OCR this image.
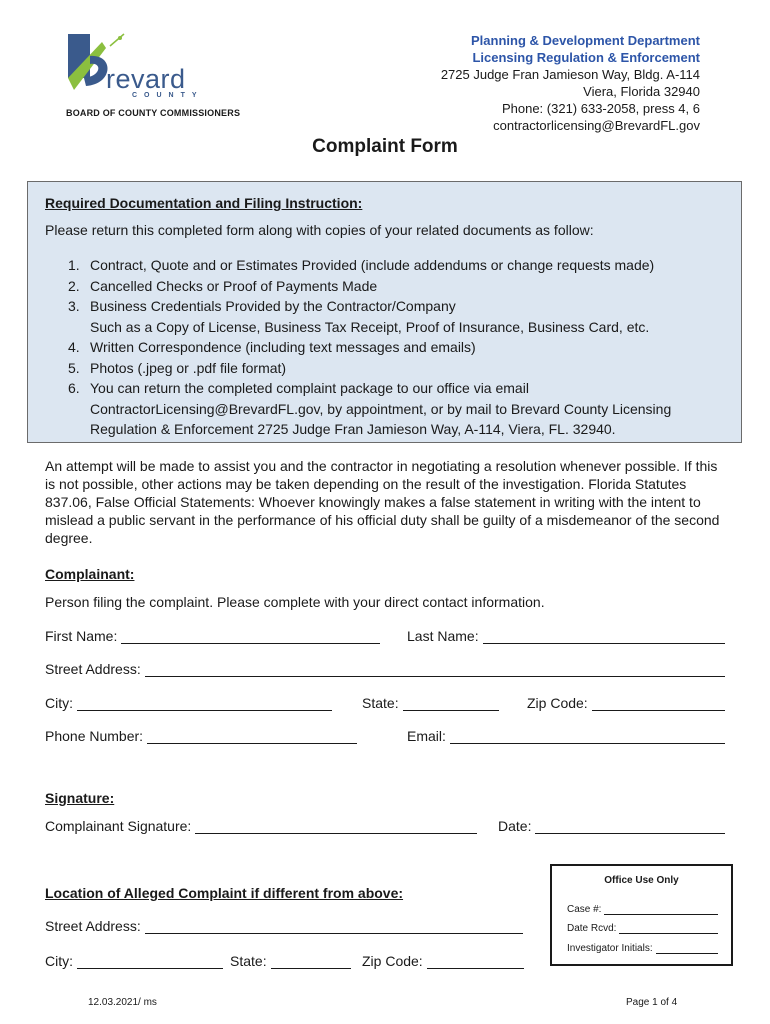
revard
COUNTY
BOARD OF COUNTY COMMISSIONERS
Planning & Development Department
Licensing Regulation & Enforcement
2725 Judge Fran Jamieson Way, Bldg. A-114
Viera, Florida 32940
Phone: (321) 633-2058, press 4, 6
contractorlicensing@BrevardFL.gov
Complaint Form
Required Documentation and Filing Instruction:
Please return this completed form along with copies of your related documents as follow:
1. Contract, Quote and or Estimates Provided (include addendums or change requests made)
2. Cancelled Checks or Proof of Payments Made
3. Business Credentials Provided by the Contractor/Company
Such as a Copy of License, Business Tax Receipt, Proof of Insurance, Business Card, etc.
4. Written Correspondence (including text messages and emails)
5. Photos (.jpeg or .pdf file format)
6. You can return the completed complaint package to our office via email
ContractorLicensing@BrevardFL.gov, by appointment, or by mail to Brevard County Licensing
Regulation & Enforcement 2725 Judge Fran Jamieson Way, A-114, Viera, FL. 32940.
An attempt will be made to assist you and the contractor in negotiating a resolution whenever possible. If this is not possible, other actions may be taken depending on the result of the investigation. Florida Statutes 837.06, False Official Statements: Whoever knowingly makes a false statement in writing with the intent to mislead a public servant in the performance of his official duty shall be guilty of a misdemeanor of the second degree.
Complainant:
Person filing the complaint. Please complete with your direct contact information.
First Name:	Last Name:
Street Address:
City:	State:	Zip Code:
Phone Number:	Email:
Signature:
Complainant Signature:	Date:
Location of Alleged Complaint if different from above:
Street Address:
City:	State:	Zip Code:
Office Use Only
Case #:
Date Rcvd:
Investigator Initials:
12.03.2021/ ms	Page 1 of 4
